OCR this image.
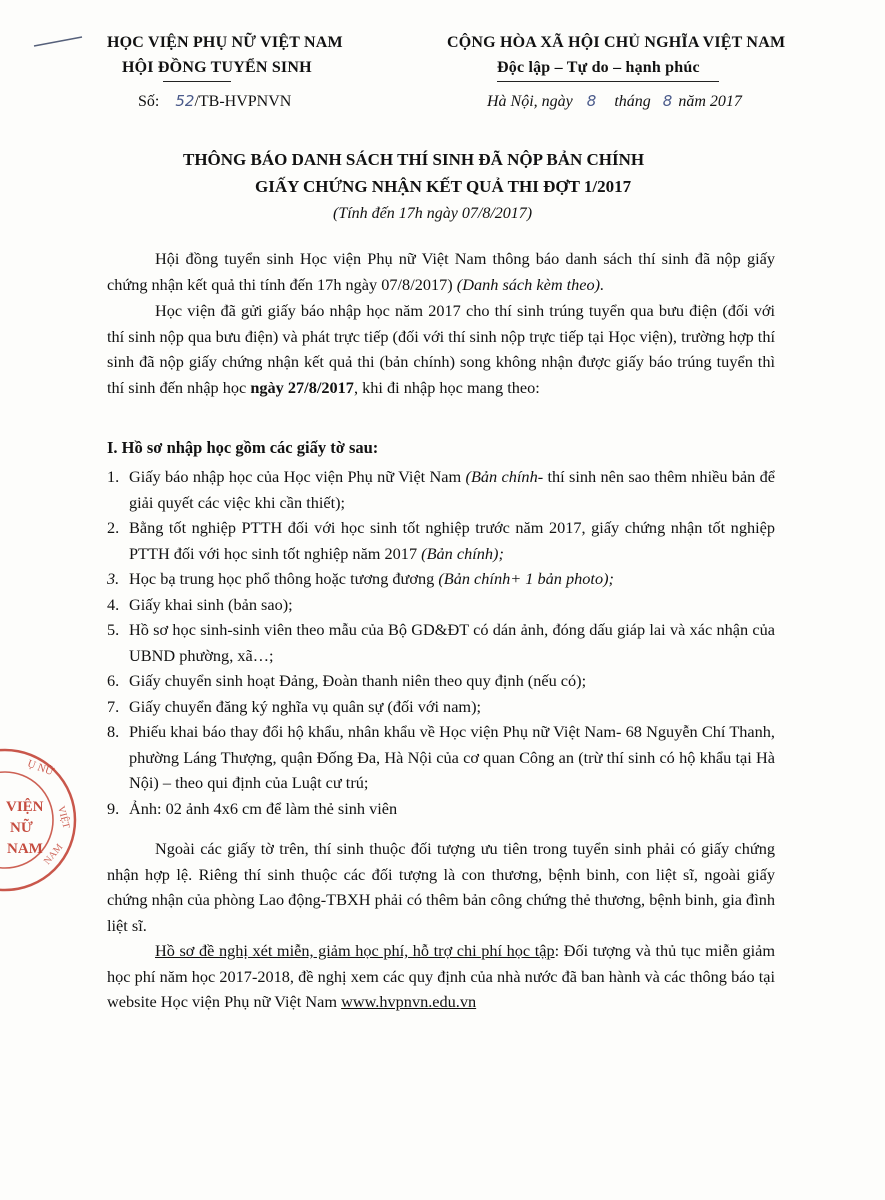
HỌC VIỆN PHỤ NỮ VIỆT NAM
HỘI ĐỒNG TUYỂN SINH
Số: 52/TB-HVPNVN
CỘNG HÒA XÃ HỘI CHỦ NGHĨA VIỆT NAM
Độc lập – Tự do – hạnh phúc
Hà Nội, ngày 8 tháng 8 năm 2017
THÔNG BÁO DANH SÁCH THÍ SINH ĐÃ NỘP BẢN CHÍNH
GIẤY CHỨNG NHẬN KẾT QUẢ THI ĐỢT 1/2017
(Tính đến 17h ngày 07/8/2017)
Hội đồng tuyển sinh Học viện Phụ nữ Việt Nam thông báo danh sách thí sinh đã nộp giấy chứng nhận kết quả thi tính đến 17h ngày 07/8/2017) (Danh sách kèm theo).
Học viện đã gửi giấy báo nhập học năm 2017 cho thí sinh trúng tuyển qua bưu điện (đối với thí sinh nộp qua bưu điện) và phát trực tiếp (đối với thí sinh nộp trực tiếp tại Học viện), trường hợp thí sinh đã nộp giấy chứng nhận kết quả thi (bản chính) song không nhận được giấy báo trúng tuyển thì thí sinh đến nhập học ngày 27/8/2017, khi đi nhập học mang theo:
I. Hồ sơ nhập học gồm các giấy tờ sau:
1. Giấy báo nhập học của Học viện Phụ nữ Việt Nam (Bản chính- thí sinh nên sao thêm nhiều bản để giải quyết các việc khi cần thiết);
2. Bằng tốt nghiệp PTTH đối với học sinh tốt nghiệp trước năm 2017, giấy chứng nhận tốt nghiệp PTTH đối với học sinh tốt nghiệp năm 2017 (Bản chính);
3. Học bạ trung học phổ thông hoặc tương đương (Bản chính+ 1 bản photo);
4. Giấy khai sinh (bản sao);
5. Hồ sơ học sinh-sinh viên theo mẫu của Bộ GD&ĐT có dán ảnh, đóng dấu giáp lai và xác nhận của UBND phường, xã…;
6. Giấy chuyển sinh hoạt Đảng, Đoàn thanh niên theo quy định (nếu có);
7. Giấy chuyển đăng ký nghĩa vụ quân sự (đối với nam);
8. Phiếu khai báo thay đổi hộ khẩu, nhân khẩu về Học viện Phụ nữ Việt Nam- 68 Nguyễn Chí Thanh, phường Láng Thượng, quận Đống Đa, Hà Nội của cơ quan Công an (trừ thí sinh có hộ khẩu tại Hà Nội) – theo qui định của Luật cư trú;
9. Ảnh: 02 ảnh 4x6 cm để làm thẻ sinh viên
Ngoài các giấy tờ trên, thí sinh thuộc đối tượng ưu tiên trong tuyển sinh phải có giấy chứng nhận hợp lệ. Riêng thí sinh thuộc các đối tượng là con thương, bệnh binh, con liệt sĩ, ngoài giấy chứng nhận của phòng Lao động-TBXH phải có thêm bản công chứng thẻ thương, bệnh binh, gia đình liệt sĩ.
Hồ sơ đề nghị xét miễn, giảm học phí, hỗ trợ chi phí học tập: Đối tượng và thủ tục miễn giảm học phí năm học 2017-2018, đề nghị xem các quy định của nhà nước đã ban hành và các thông báo tại website Học viện Phụ nữ Việt Nam www.hvpnvn.edu.vn
Ụ NỮ
VIỆT
NAM
VIỆN
NỮ
NAM
